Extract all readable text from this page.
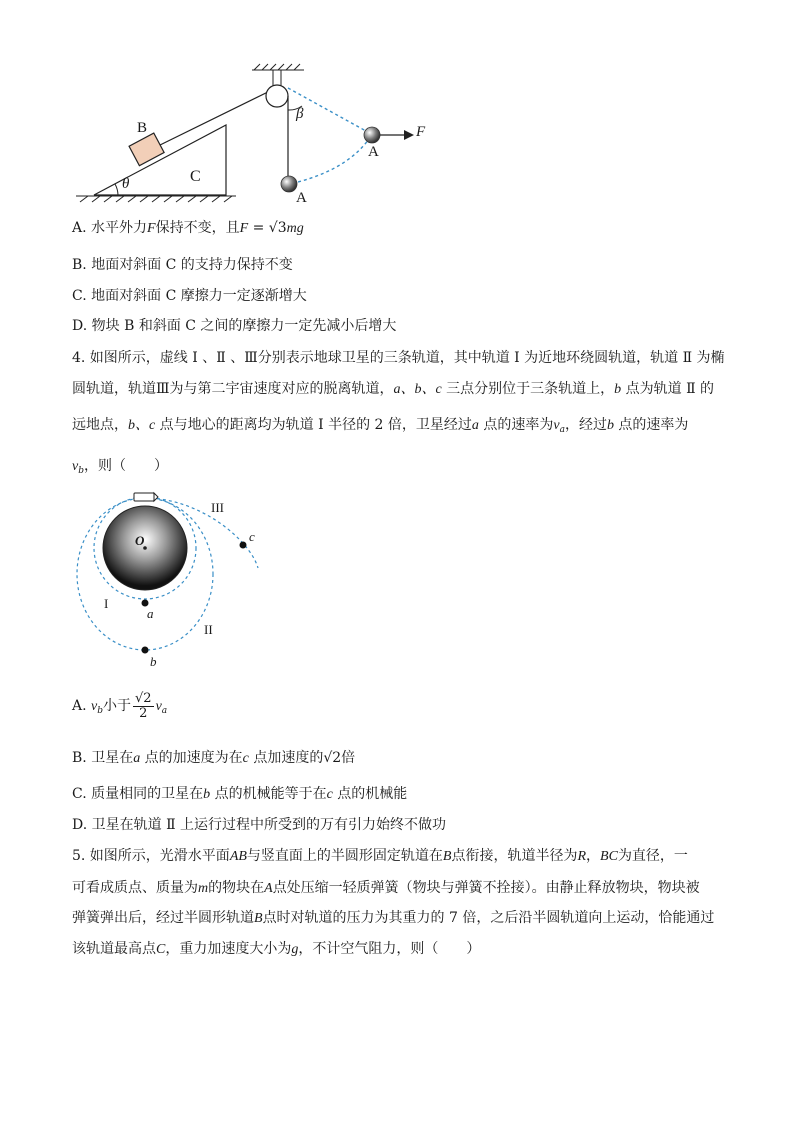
B
C
θ
β
A
A
F
A. 水平外力F保持不变，且F = √3mg
B. 地面对斜面 C 的支持力保持不变
C. 地面对斜面 C 摩擦力一定逐渐增大
D. 物块 B 和斜面 C 之间的摩擦力一定先减小后增大
4. 如图所示，虚线 Ⅰ 、Ⅱ 、Ⅲ分别表示地球卫星的三条轨道，其中轨道 Ⅰ 为近地环绕圆轨道，轨道 Ⅱ 为椭
圆轨道，轨道Ⅲ为与第二宇宙速度对应的脱离轨道，a、b、c 三点分别位于三条轨道上，b 点为轨道 Ⅱ 的
远地点，b、c 点与地心的距离均为轨道 Ⅰ 半径的 2 倍，卫星经过a 点的速率为$v_a$，经过b 点的速率为
$v_b$，则（　　）
O
I
II
III
a
b
c
A. $v_b$小于 $\frac{√2}{2} v_a$
B. 卫星在a 点的加速度为在c 点加速度的√2倍
C. 质量相同的卫星在b 点的机械能等于在c 点的机械能
D. 卫星在轨道 Ⅱ 上运行过程中所受到的万有引力始终不做功
5. 如图所示，光滑水平面AB与竖直面上的半圆形固定轨道在B点衔接，轨道半径为R，BC为直径，一
可看成质点、质量为m的物块在A点处压缩一轻质弹簧（物块与弹簧不拴接）。由静止释放物块，物块被
弹簧弹出后，经过半圆形轨道B点时对轨道的压力为其重力的 7 倍，之后沿半圆轨道向上运动，恰能通过
该轨道最高点C，重力加速度大小为g，不计空气阻力，则（　　）
